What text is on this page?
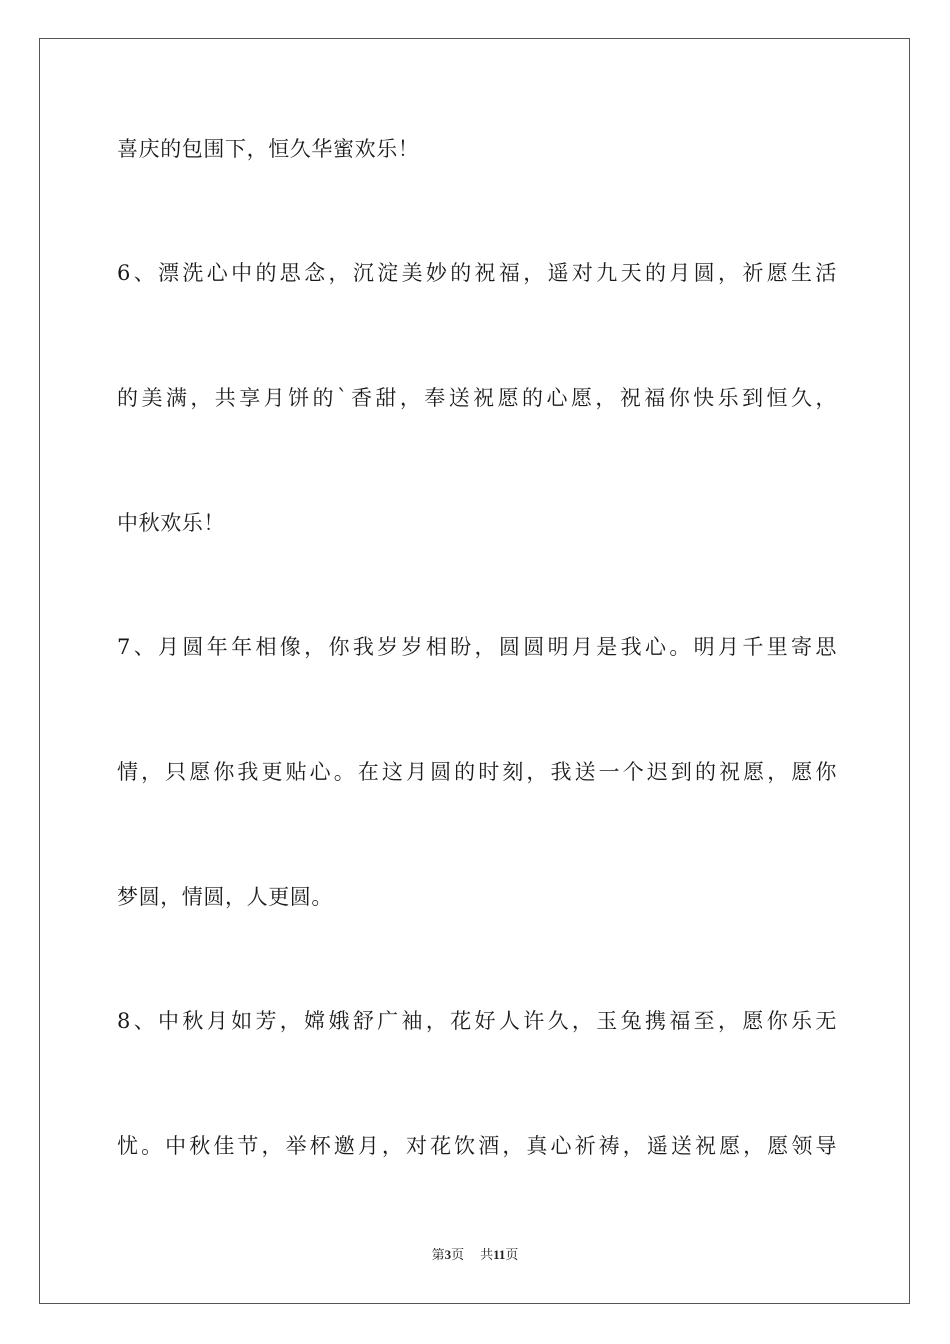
喜庆的包围下，恒久华蜜欢乐！
6、漂洗心中的思念，沉淀美妙的祝福，遥对九天的月圆，祈愿生活
的美满，共享月饼的`香甜，奉送祝愿的心愿，祝福你快乐到恒久，
中秋欢乐！
7、月圆年年相像，你我岁岁相盼，圆圆明月是我心。明月千里寄思
情，只愿你我更贴心。在这月圆的时刻，我送一个迟到的祝愿，愿你
梦圆，情圆，人更圆。
8、中秋月如芳，嫦娥舒广袖，花好人许久，玉兔携福至，愿你乐无
忧。中秋佳节，举杯邀月，对花饮酒，真心祈祷，遥送祝愿，愿领导
第3页 共11页
